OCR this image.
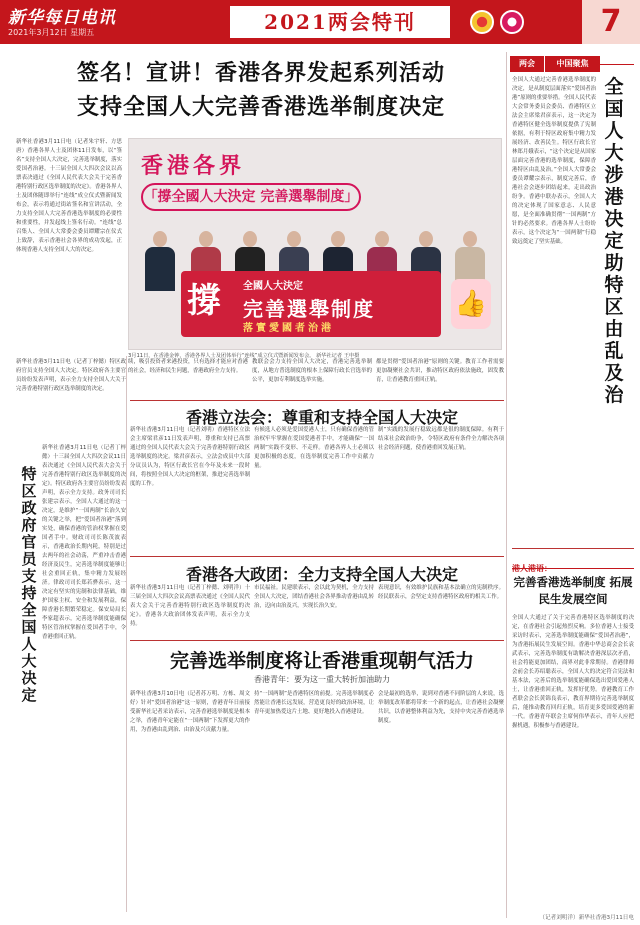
新华每日电讯
2021年3月12日 星期五	2021两会特刊	7
签名！宣讲！香港各界发起系列活动
支持全国人大完善香港选举制度决定
新华社香港3月11日电（记者朱宇轩、方思唐）香港各界人士及团体11日发布，以“签名”支持全国人大决定，完善选举制度，落实爱国者治港。十三届全国人大四次会议以高票表决通过《全国人民代表大会关于完善香港特别行政区选举制度的决定》。香港各界人士及团体随即举行“连线”成立仪式暨新闻发布会，表示将通过街站签名和宣讲活动，全力支持全国人大完善香港选举制度的必要性和重要性，并发起线上签名行动。“连线”总召集人、全国人大常委会委员谭耀宗在仪式上致辞，表示香港社会各界的成功发起，正体现香港人支持全国人大的决定。
香港各界
「撐全國人大決定 完善選舉制度」
撐 全國人大決定
完善選舉制度
落實愛國者治港
👍
3月11日，在香港金钟，香港各界人士及团体举行“连线”成立仪式暨新闻发布会。 新华社记者 王申摄
新华社香港3月11日电（记者丁梓懿）特区政府官员支持全国人大决定。特区政府各主要官员纷纷发表声明，表示全力支持全国人大关于完善香港特别行政区选举制度的决定。
续，吸引投资者来港投资，只有选择才能应对香港的社会，经济和民生问题，香港政府全力支持。
教联会会力支持全国人大决定，香港完善选举制度，从地方普选制度的根本上保障行政长官选举的公平，更加专利制度选举实施。
都是贯彻“爱国者治港”原则的关键。教育工作者需要更加凝聚社会共识，推动特区政府依法施政，固发教育，让香港教育重回正轨。
特区政府官员支持全国人大决定
新华社香港3月11日电（记者丁梓懿）十三届全国人大四次会议11日表决通过《全国人民代表大会关于完善香港特别行政区选举制度的决定》。特区政府各主要官员纷纷发表声明，表示全力支持。政务司司长张建宗表示，全国人大通过的这一决定，是维护“一国两制”长治久安的关键之举，把“爱国者治港”落到实处，确保香港的管治权掌握在爱国者手中。财政司司长陈茂波表示，香港政治长期内耗，特别是过去两年的社会动荡，严重冲击香港经济及民生，完善选举制度能够让社会重回正轨，集中精力发展经济。律政司司长郑若骅表示，这一决定有坚实的宪制和法律基础，维护国家主权、安全和发展利益，保障香港长期繁荣稳定。保安局局长李家超表示，完善选举制度能确保特区管治权掌握在爱国者手中，令香港重回正轨。
香港立法会：尊重和支持全国人大决定
新华社香港3月11日电（记者刘明）香港特区立法会主席梁君彦11日发表声明，尊重和支持已高票通过的全国人民代表大会关于完善香港特别行政区选举制度的决定。梁君彦表示，立法会成员中大部分议员认为，特区行政长官在今年及未来一段时间，将按照全国人大决定的框架，推进完善选举制度的工作。
有候选人必须是爱国爱港人士，只有确保香港的管治权牢牢掌握在爱国爱港者手中，才能确保“一国两制”实践不变形、不走样。香港各界人士必须以更加积极的态度，在选举制度完善工作中贡献力量。
制”实践的发展行稳致远都是很的制度保障。有利于结束社会政治纷争，令特区政府有条件全力解决各项社会经济问题，使香港重回发展正轨。
香港各大政团：全力支持全国人大决定
新华社香港3月11日电（记者丁梓懿、刘明洋）十三届全国人大四次会议高票表决通过《全国人民代表大会关于完善香港特别行政区选举制度的决定》。香港各大政治团体发表声明，表示全力支持。
市民福祉。民建联表示，会以此为契机，全力支持全国人大决定，团结香港社会各界推动香港由乱转治，迈向由治及兴，实现长治久安。
表现意识，有效维护民族和基本法确立的宪制秩序。经民联表示，会坚定支持香港特区政府的相关工作。
完善选举制度将让香港重现朝气活力
香港青年：要为这一重大转折加油助力
新华社香港3月10日电（记者苏万明、方栋、周文好）针对“爱国者治港”这一原则，香港青年日前接受新华社记者采访表示，完善香港选举制度是根本之举，香港青年定能在“一国两制”下发挥更大的作用，为香港由乱到治、由治及兴贡献力量。
持“一国两制”是香港特区的前提。完善选举制度必然能让香港长远发展，营造更良好的政治环境，让青年更加热爱这片土地、更好地投入香港建设。
会是最初的选举，说到对香港不同阶层的人来说，选举制度改革都将带来一个新的起点，让香港社会凝聚共识，以香港整体利益为先，支持中央完善香港选举制度。
两会	中国聚焦
全国人大通过完善香港选举制度的决定，是从制度层面落实“爱国者治港”原则的重要举措。全国人民代表大会常务委员会委员、香港特区立法会主席梁君彦表示，这一决定为香港特区健全选举制度提供了宪制依据，有利于特区政府集中精力发展经济、改善民生。特区行政长官林郑月娥表示，“这个决定是从国家层面完善香港的选举制度，保障香港特区由乱及治。”全国人大常委会委员谭耀宗表示，制度完善后，香港社会会逐步团结起来，走出政治纷争。香港中联办表示，全国人大的决定体现了国家意志、人民意愿，是全面准确贯彻“一国两制”方针的必然要求。香港各界人士纷纷表示，这个决定为“一国两制”行稳致远奠定了坚实基础。
全国人大涉港决定助特区由乱及治
完善香港选举制度 拓展民生发展空间
全国人大通过了关于完善香港特区选举制度的决定，在香港社会引起热烈反响。多位香港人士接受采访时表示，完善选举制度能确保“爱国者治港”，为香港拓展民生发展空间。香港中华总商会会长袁武表示，完善选举制度有助解决香港深层次矛盾，社会将能更加团结，商界对此非常期待。香港律师会前会长苏绍聪表示，全国人大的决定符合宪法和基本法，完善后的选举制度能确保选出爱国爱港人士，让香港重回正轨，发挥好优势。香港教育工作者联会会长黄锦良表示，教育界期待完善选举制度后，能推动教育回归正轨，培育更多爱国爱港的新一代。香港青年联会主席何伟华表示，青年人应把握机遇，积极参与香港建设。
（记者刘明洋）新华社香港3月11日电
